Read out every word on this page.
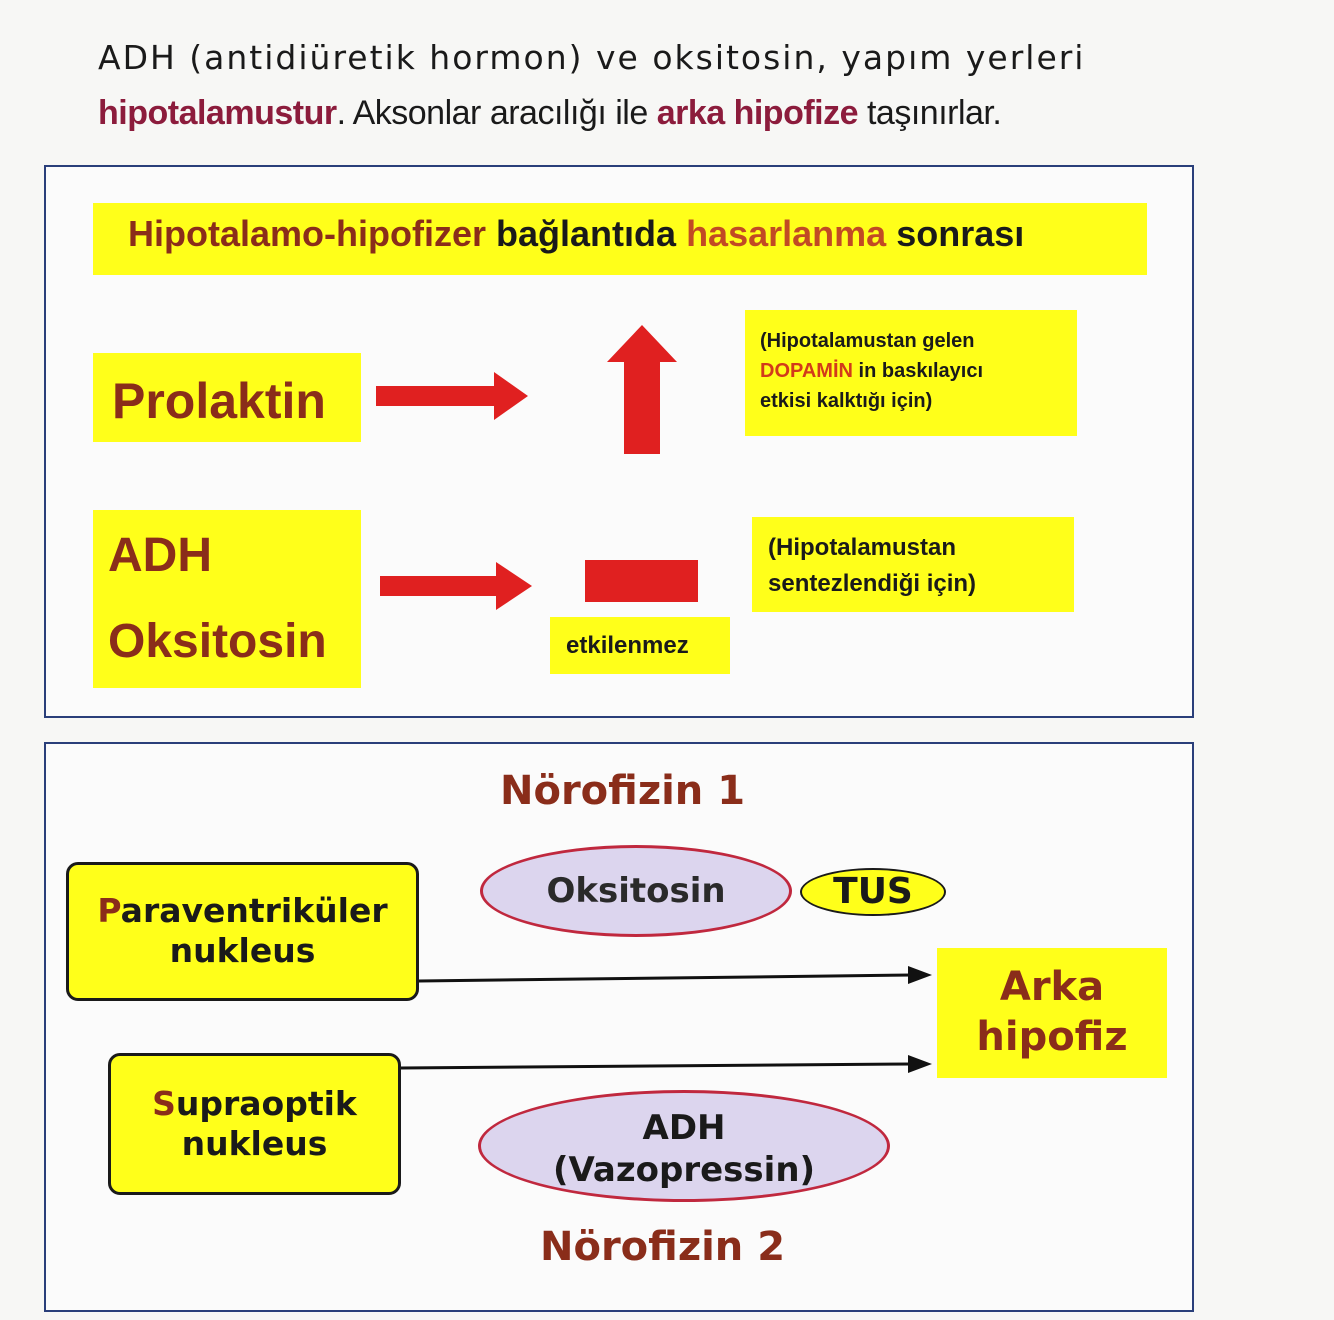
ADH (antidiüretik hormon) ve oksitosin, yapım yerleri
hipotalamustur. Aksonlar aracılığı ile arka hipofize taşınırlar.
Hipotalamo-hipofizer bağlantıda hasarlanma sonrası
Prolaktin
(Hipotalamustan gelen
DOPAMİN in baskılayıcı
etkisi kalktığı için)
ADH
Oksitosin
(Hipotalamustan
sentezlendiği için)
etkilenmez
Nörofizin 1
Paraventriküler
nukleus
Supraoptik
nukleus
Oksitosin	TUS
Arka
hipofiz
ADH
(Vazopressin)
Nörofizin 2
